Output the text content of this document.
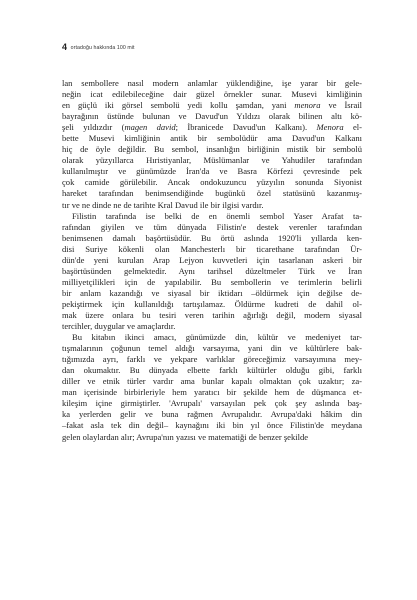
4 ortadoğu hakkında 100 mit
lan sembollere nasıl modern anlamlar yüklendiğine, işe yarar bir gele-
neğin icat edilebileceğine dair güzel örnekler sunar. Musevi kimliğinin
en güçlü iki görsel sembolü yedi kollu şamdan, yani menora ve İsrail
bayrağının üstünde bulunan ve Davud'un Yıldızı olarak bilinen altı kö-
şeli yıldızdır (magen david; İbranicede Davud'un Kalkanı). Menora el-
bette Musevi kimliğinin antik bir sembolüdür ama Davud'un Kalkanı
hiç de öyle değildir. Bu sembol, insanlığın birliğinin mistik bir sembolü
olarak yüzyıllarca Hıristiyanlar, Müslümanlar ve Yahudiler tarafından
kullanılmıştır ve günümüzde İran'da ve Basra Körfezi çevresinde pek
çok camide görülebilir. Ancak ondokuzuncu yüzyılın sonunda Siyonist
hareket tarafından benimsendiğinde bugünkü özel statüsünü kazanmış-
tır ve ne dinde ne de tarihte Kral Davud ile bir ilgisi vardır.
Filistin tarafında ise belki de en önemli sembol Yaser Arafat ta-
rafından giyilen ve tüm dünyada Filistin'e destek verenler tarafından
benimsenen damalı başörtüsüdür. Bu örtü aslında 1920'li yıllarda ken-
disi Suriye kökenli olan Manchesterlı bir ticarethane tarafından Ür-
dün'de yeni kurulan Arap Lejyon kuvvetleri için tasarlanan askeri bir
başörtüsünden gelmektedir. Aynı tarihsel düzeltmeler Türk ve İran
milliyetçilikleri için de yapılabilir. Bu sembollerin ve terimlerin belirli
bir anlam kazandığı ve siyasal bir iktidarı –öldürmek için değilse de-
pekiştirmek için kullanıldığı tartışılamaz. Öldürme kudreti de dahil ol-
mak üzere onlara bu tesiri veren tarihin ağırlığı değil, modern siyasal
tercihler, duygular ve amaçlardır.
Bu kitabın ikinci amacı, günümüzde din, kültür ve medeniyet tar-
tışmalarının çoğunun temel aldığı varsayıma, yani din ve kültürlere bak-
tığımızda ayrı, farklı ve yekpare varlıklar göreceğimiz varsayımına mey-
dan okumaktır. Bu dünyada elbette farklı kültürler olduğu gibi, farklı
diller ve etnik türler vardır ama bunlar kapalı olmaktan çok uzaktır; za-
man içerisinde birbirleriyle hem yaratıcı bir şekilde hem de düşmanca et-
kileşim içine girmiştirler. 'Avrupalı' varsayılan pek çok şey aslında baş-
ka yerlerden gelir ve buna rağmen Avrupalıdır. Avrupa'daki hâkim din
–fakat asla tek din değil– kaynağını iki bin yıl önce Filistin'de meydana
gelen olaylardan alır; Avrupa'nın yazısı ve matematiği de benzer şekilde
